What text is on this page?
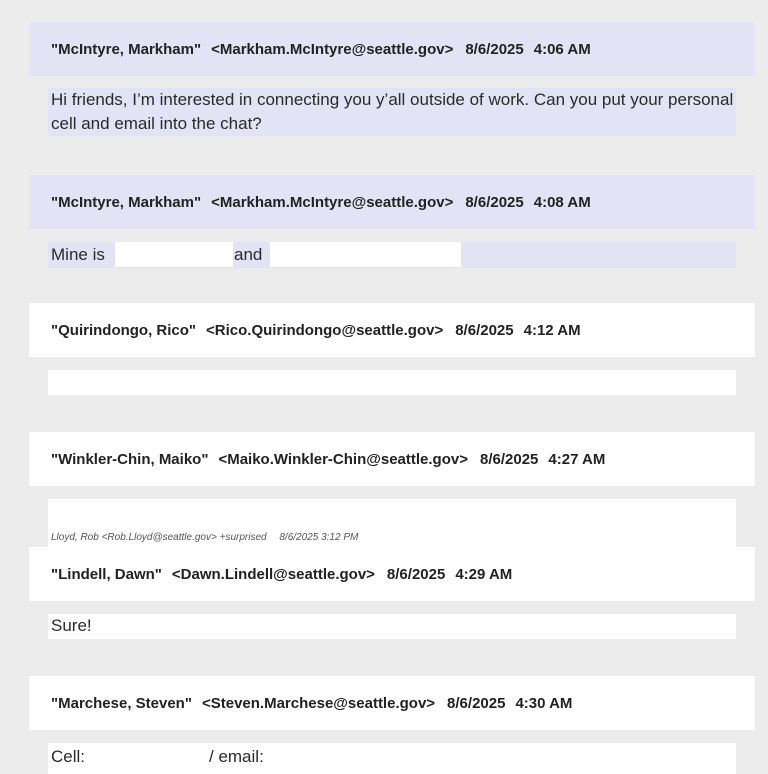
"McIntyre, Markham" <Markham.McIntyre@seattle.gov> 8/6/2025 4:06 AM
Hi friends, I’m interested in connecting you y’all outside of work. Can you put your personal cell and email into the chat?
"McIntyre, Markham" <Markham.McIntyre@seattle.gov> 8/6/2025 4:08 AM
Mine is	and
"Quirindongo, Rico" <Rico.Quirindongo@seattle.gov> 8/6/2025 4:12 AM
"Winkler-Chin, Maiko" <Maiko.Winkler-Chin@seattle.gov> 8/6/2025 4:27 AM
Lloyd, Rob <Rob.Lloyd@seattle.gov> +surprised 8/6/2025 3:12 PM
"Lindell, Dawn" <Dawn.Lindell@seattle.gov> 8/6/2025 4:29 AM
Sure!
"Marchese, Steven" <Steven.Marchese@seattle.gov> 8/6/2025 4:30 AM
Cell:	/ email:
